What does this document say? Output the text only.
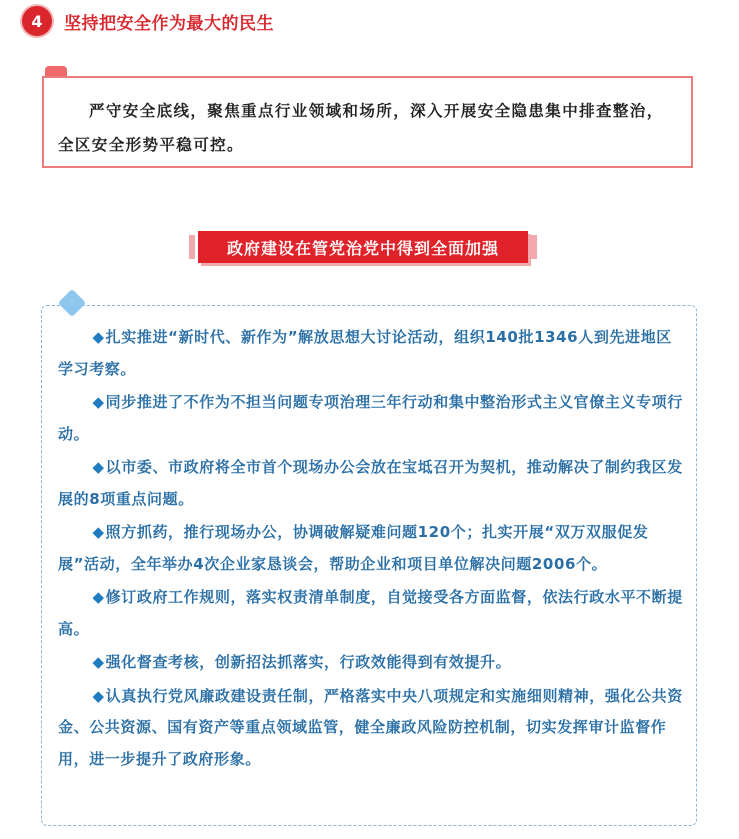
4	坚持把安全作为最大的民生

严守安全底线，聚焦重点行业领域和场所，深入开展安全隐患集中排查整治，全区安全形势平稳可控。

政府建设在管党治党中得到全面加强

◆扎实推进“新时代、新作为”解放思想大讨论活动，组织140批1346人到先进地区学习考察。

◆同步推进了不作为不担当问题专项治理三年行动和集中整治形式主义官僚主义专项行动。

◆以市委、市政府将全市首个现场办公会放在宝坻召开为契机，推动解决了制约我区发展的8项重点问题。

◆照方抓药，推行现场办公，协调破解疑难问题120个；扎实开展“双万双服促发展”活动，全年举办4次企业家恳谈会，帮助企业和项目单位解决问题2006个。

◆修订政府工作规则，落实权责清单制度，自觉接受各方面监督，依法行政水平不断提高。

◆强化督查考核，创新招法抓落实，行政效能得到有效提升。

◆认真执行党风廉政建设责任制，严格落实中央八项规定和实施细则精神，强化公共资金、公共资源、国有资产等重点领域监管，健全廉政风险防控机制，切实发挥审计监督作用，进一步提升了政府形象。
